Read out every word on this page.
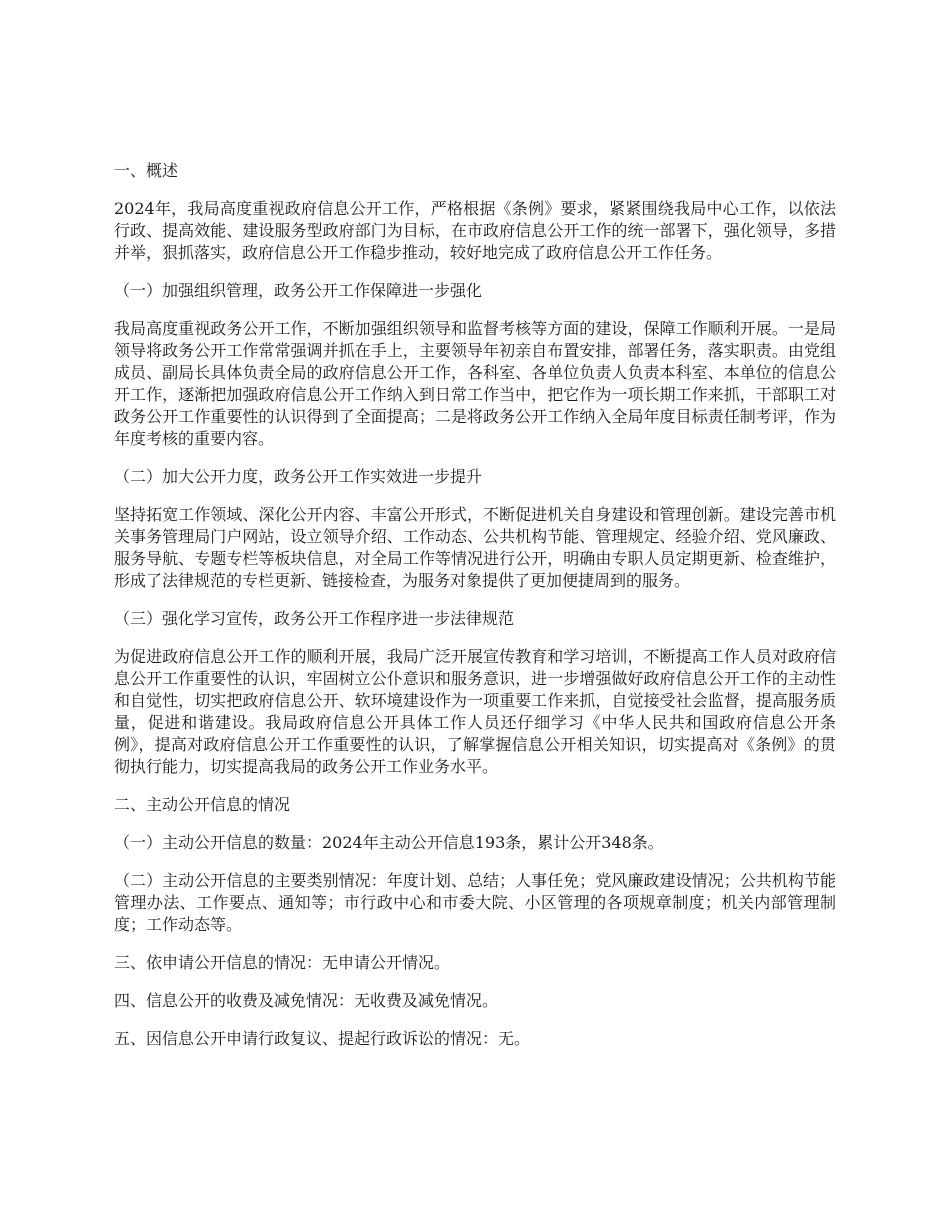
一、概述

2024年，我局高度重视政府信息公开工作，严格根据《条例》要求，紧紧围绕我局中心工作，以依法行政、提高效能、建设服务型政府部门为目标，在市政府信息公开工作的统一部署下，强化领导，多措并举，狠抓落实，政府信息公开工作稳步推动，较好地完成了政府信息公开工作任务。

（一）加强组织管理，政务公开工作保障进一步强化

我局高度重视政务公开工作，不断加强组织领导和监督考核等方面的建设，保障工作顺利开展。一是局领导将政务公开工作常常强调并抓在手上，主要领导年初亲自布置安排，部署任务，落实职责。由党组成员、副局长具体负责全局的政府信息公开工作，各科室、各单位负责人负责本科室、本单位的信息公开工作，逐渐把加强政府信息公开工作纳入到日常工作当中，把它作为一项长期工作来抓，干部职工对政务公开工作重要性的认识得到了全面提高；二是将政务公开工作纳入全局年度目标责任制考评，作为年度考核的重要内容。

（二）加大公开力度，政务公开工作实效进一步提升

坚持拓宽工作领域、深化公开内容、丰富公开形式，不断促进机关自身建设和管理创新。建设完善市机关事务管理局门户网站，设立领导介绍、工作动态、公共机构节能、管理规定、经验介绍、党风廉政、服务导航、专题专栏等板块信息，对全局工作等情况进行公开，明确由专职人员定期更新、检查维护，形成了法律规范的专栏更新、链接检查，为服务对象提供了更加便捷周到的服务。

（三）强化学习宣传，政务公开工作程序进一步法律规范

为促进政府信息公开工作的顺利开展，我局广泛开展宣传教育和学习培训，不断提高工作人员对政府信息公开工作重要性的认识，牢固树立公仆意识和服务意识，进一步增强做好政府信息公开工作的主动性和自觉性，切实把政府信息公开、软环境建设作为一项重要工作来抓，自觉接受社会监督，提高服务质量，促进和谐建设。我局政府信息公开具体工作人员还仔细学习《中华人民共和国政府信息公开条例》，提高对政府信息公开工作重要性的认识，了解掌握信息公开相关知识，切实提高对《条例》的贯彻执行能力，切实提高我局的政务公开工作业务水平。

二、主动公开信息的情况

（一）主动公开信息的数量：2024年主动公开信息193条，累计公开348条。

（二）主动公开信息的主要类别情况：年度计划、总结；人事任免；党风廉政建设情况；公共机构节能管理办法、工作要点、通知等；市行政中心和市委大院、小区管理的各项规章制度；机关内部管理制度；工作动态等。

三、依申请公开信息的情况：无申请公开情况。

四、信息公开的收费及减免情况：无收费及减免情况。

五、因信息公开申请行政复议、提起行政诉讼的情况：无。
